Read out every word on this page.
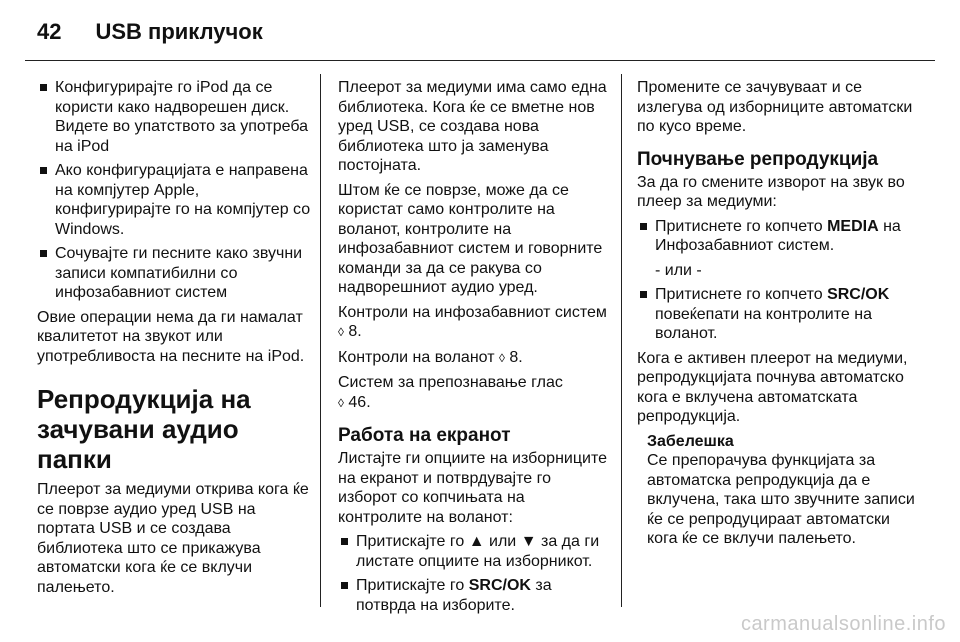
42 USB приклучок
Конфигурирајте го iPod да се користи како надворешен диск. Видете во упатството за употреба на iPod
Ако конфигурацијата е направена на компјутер Apple, конфигурирајте го на компјутер со Windows.
Сочувајте ги песните како звучни записи компатибилни со инфозабавниот систем

Овие операции нема да ги намалат квалитетот на звукот или употребливоста на песните на iPod.

Репродукција на зачувани аудио папки

Плеерот за медиуми открива кога ќе се поврзе аудио уред USB на портата USB и се создава библиотека што се прикажува автоматски кога ќе се вклучи палењето.

Плеерот за медиуми има само една библиотека. Кога ќе се вметне нов уред USB, се создава нова библиотека што ја заменува постојната.

Штом ќе се поврзе, може да се користат само контролите на воланот, контролите на инфозабавниот систем и говорните команди за да се ракува со надворешниот аудио уред.

Контроли на инфозабавниот систем ◊ 8.

Контроли на воланот ◊ 8.

Систем за препознавање глас
◊ 46.

Работа на екранот

Листајте ги опциите на изборниците на екранот и потврдувајте го изборот со копчињата на контролите на воланот:

Притискајте го ▲ или ▼ за да ги листате опциите на изборникот.
Притискајте го SRC/OK за потврда на изборите.

Промените се зачувуваат и се излегува од изборниците автоматски по кусо време.

Почнување репродукција

За да го смените изворот на звук во плеер за медиуми:

Притиснете го копчето MEDIA на Инфозабавниот систем.

- или -

Притиснете го копчето SRC/OK повеќепати на контролите на воланот.

Кога е активен плеерот на медиуми, репродукцијата почнува автоматско кога е вклучена автоматската репродукција.

Забелешка
Се препорачува функцијата за автоматска репродукција да е вклучена, така што звучните записи ќе се репродуцираат автоматски кога ќе се вклучи палењето.
carmanualsonline.info
